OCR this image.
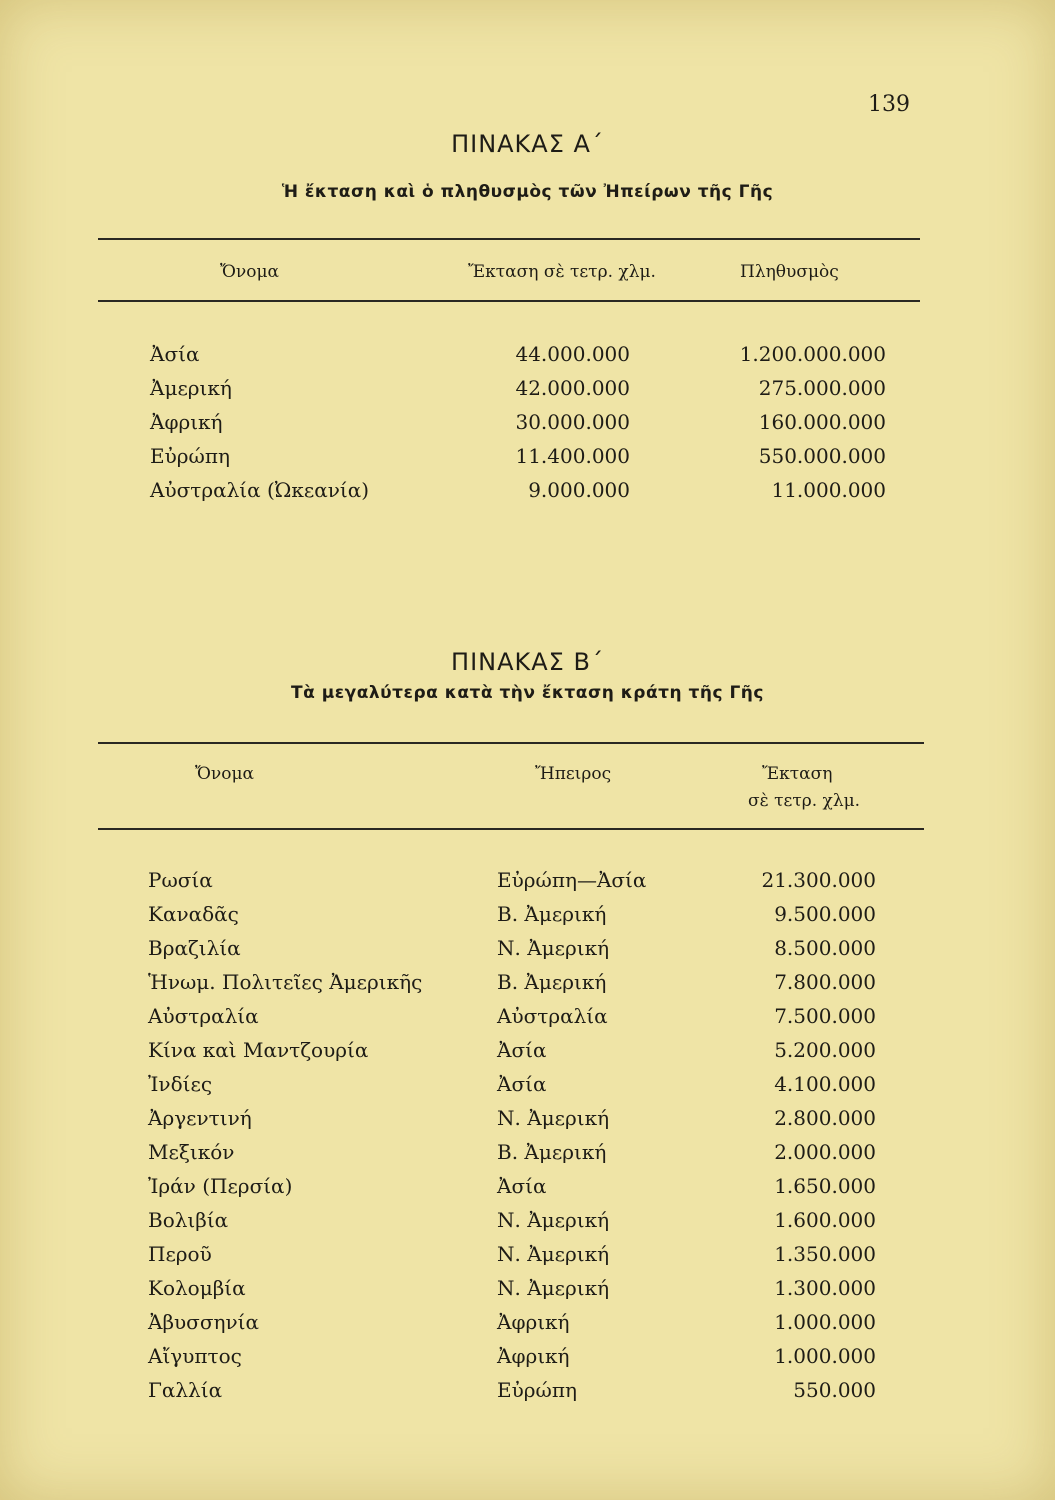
139
ΠΙΝΑΚΑΣ Α΄
Ἡ ἔκταση καὶ ὁ πληθυσμὸς τῶν Ἠπείρων τῆς Γῆς
Ὄνομα	Ἔκταση σὲ τετρ. χλμ.	Πληθυσμὸς
Ἀσία	44.000.000	1.200.000.000
Ἀμερική	42.000.000	275.000.000
Ἀφρική	30.000.000	160.000.000
Εὐρώπη	11.400.000	550.000.000
Αὐστραλία (Ὠκεανία)	9.000.000	11.000.000
ΠΙΝΑΚΑΣ Β΄
Τὰ μεγαλύτερα κατὰ τὴν ἔκταση κράτη τῆς Γῆς
Ὄνομα	Ἤπειρος	Ἔκταση
σὲ τετρ. χλμ.
Ρωσία	Εὐρώπη—Ἀσία	21.300.000
Καναδᾶς	Β. Ἀμερική	9.500.000
Βραζιλία	Ν. Ἀμερική	8.500.000
Ἡνωμ. Πολιτεῖες Ἀμερικῆς	Β. Ἀμερική	7.800.000
Αὐστραλία	Αὐστραλία	7.500.000
Κίνα καὶ Μαντζουρία	Ἀσία	5.200.000
Ἰνδίες	Ἀσία	4.100.000
Ἀργεντινή	Ν. Ἀμερική	2.800.000
Μεξικόν	Β. Ἀμερική	2.000.000
Ἰράν (Περσία)	Ἀσία	1.650.000
Βολιβία	Ν. Ἀμερική	1.600.000
Περοῦ	Ν. Ἀμερική	1.350.000
Κολομβία	Ν. Ἀμερική	1.300.000
Ἀβυσσηνία	Ἀφρική	1.000.000
Αἴγυπτος	Ἀφρική	1.000.000
Γαλλία	Εὐρώπη	550.000
